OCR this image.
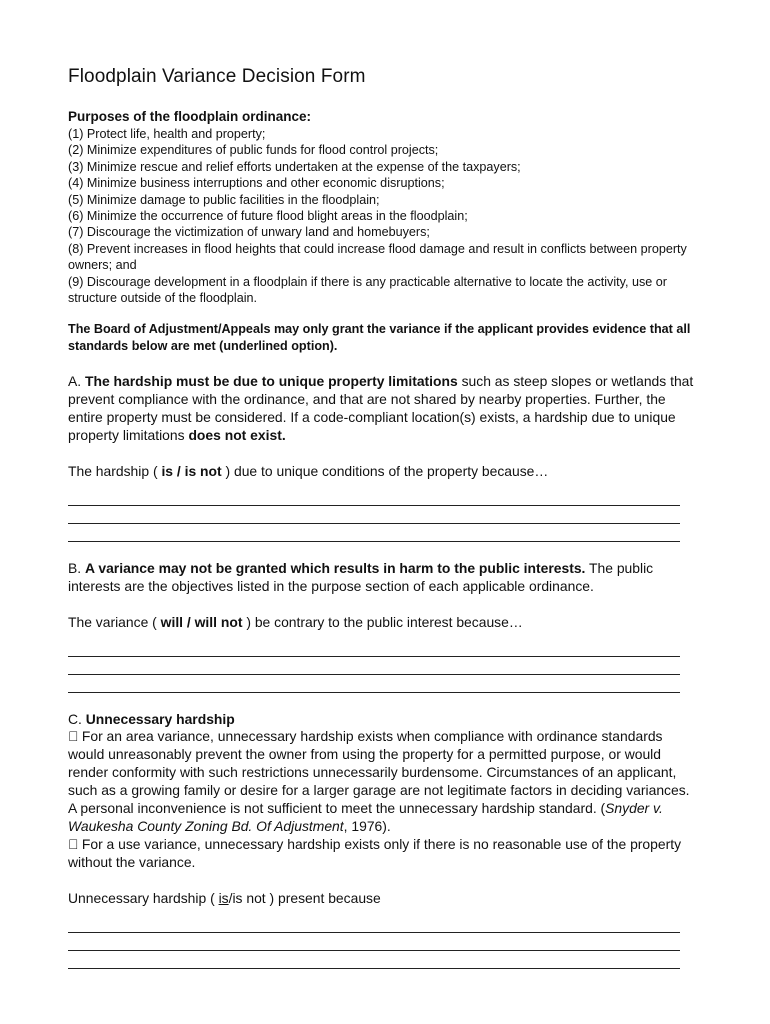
Floodplain Variance Decision Form
Purposes of the floodplain ordinance:
(1) Protect life, health and property;
(2) Minimize expenditures of public funds for flood control projects;
(3) Minimize rescue and relief efforts undertaken at the expense of the taxpayers;
(4) Minimize business interruptions and other economic disruptions;
(5) Minimize damage to public facilities in the floodplain;
(6) Minimize the occurrence of future flood blight areas in the floodplain;
(7) Discourage the victimization of unwary land and homebuyers;
(8) Prevent increases in flood heights that could increase flood damage and result in conflicts between property owners; and
(9) Discourage development in a floodplain if there is any practicable alternative to locate the activity, use or structure outside of the floodplain.

The Board of Adjustment/Appeals may only grant the variance if the applicant provides evidence that all standards below are met (underlined option).

A. The hardship must be due to unique property limitations such as steep slopes or wetlands that prevent compliance with the ordinance, and that are not shared by nearby properties. Further, the entire property must be considered. If a code-compliant location(s) exists, a hardship due to unique property limitations does not exist.

The hardship ( is / is not ) due to unique conditions of the property because…

B. A variance may not be granted which results in harm to the public interests. The public interests are the objectives listed in the purpose section of each applicable ordinance.

The variance ( will / will not ) be contrary to the public interest because…

C. Unnecessary hardship

For an area variance, unnecessary hardship exists when compliance with ordinance standards would unreasonably prevent the owner from using the property for a permitted purpose, or would render conformity with such restrictions unnecessarily burdensome. Circumstances of an applicant, such as a growing family or desire for a larger garage are not legitimate factors in deciding variances. A personal inconvenience is not sufficient to meet the unnecessary hardship standard. (Snyder v. Waukesha County Zoning Bd. Of Adjustment, 1976).

For a use variance, unnecessary hardship exists only if there is no reasonable use of the property without the variance.

Unnecessary hardship ( is/is not ) present because
